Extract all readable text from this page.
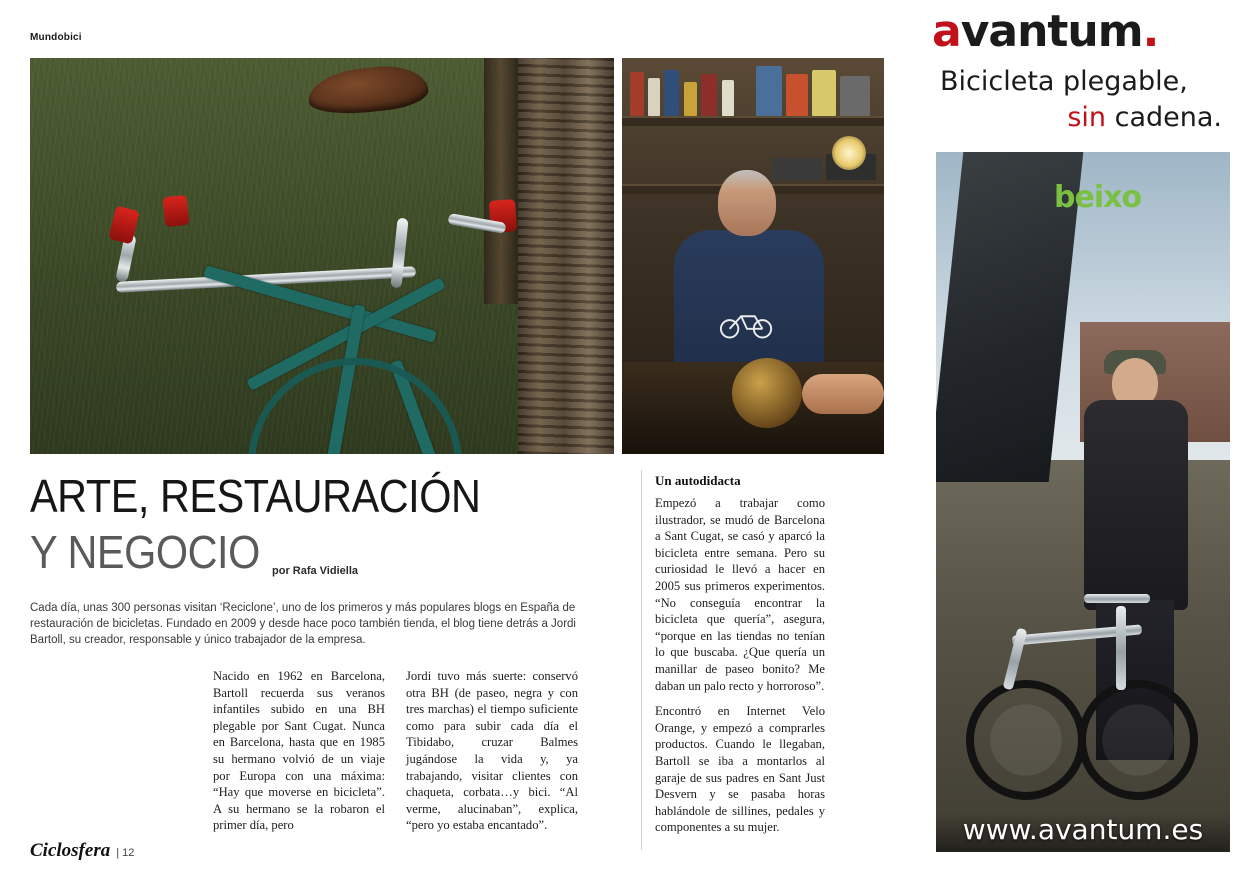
Mundobici
ARTE, RESTAURACIÓN
Y NEGOCIO por Rafa Vidiella
Cada día, unas 300 personas visitan ‘Reciclone’, uno de los primeros y más populares blogs en España de restauración de bicicletas. Fundado en 2009 y desde hace poco también tienda, el blog tiene detrás a Jordi Bartoll, su creador, responsable y único trabajador de la empresa.

Nacido en 1962 en Barcelona, Bartoll recuerda sus veranos infantiles subido en una BH plegable por Sant Cugat. Nunca en Barcelona, hasta que en 1985 su hermano volvió de un viaje por Europa con una máxima: “Hay que moverse en bicicleta”. A su hermano se la robaron el primer día, pero

Jordi tuvo más suerte: conservó otra BH (de paseo, negra y con tres marchas) el tiempo suficiente como para subir cada día el Tibidabo, cruzar Balmes jugándose la vida y, ya trabajando, visitar clientes con chaqueta, corbata…y bici. “Al verme, alucinaban”, explica, “pero yo estaba encantado”.

Un autodidacta

Empezó a trabajar como ilustrador, se mudó de Barcelona a Sant Cugat, se casó y aparcó la bicicleta entre semana. Pero su curiosidad le llevó a hacer en 2005 sus primeros experimentos. “No conseguía encontrar la bicicleta que quería”, asegura, “porque en las tiendas no tenían lo que buscaba. ¿Que quería un manillar de paseo bonito? Me daban un palo recto y horroroso”.

Encontró en Internet Velo Orange, y empezó a comprarles productos. Cuando le llegaban, Bartoll se iba a montarlos al garaje de sus padres en Sant Just Desvern y se pasaba horas hablándole de sillines, pedales y componentes a su mujer.

Ciclosfera | 12
avantum.
Bicicleta plegable,
sin cadena.
beixo
www.avantum.es
